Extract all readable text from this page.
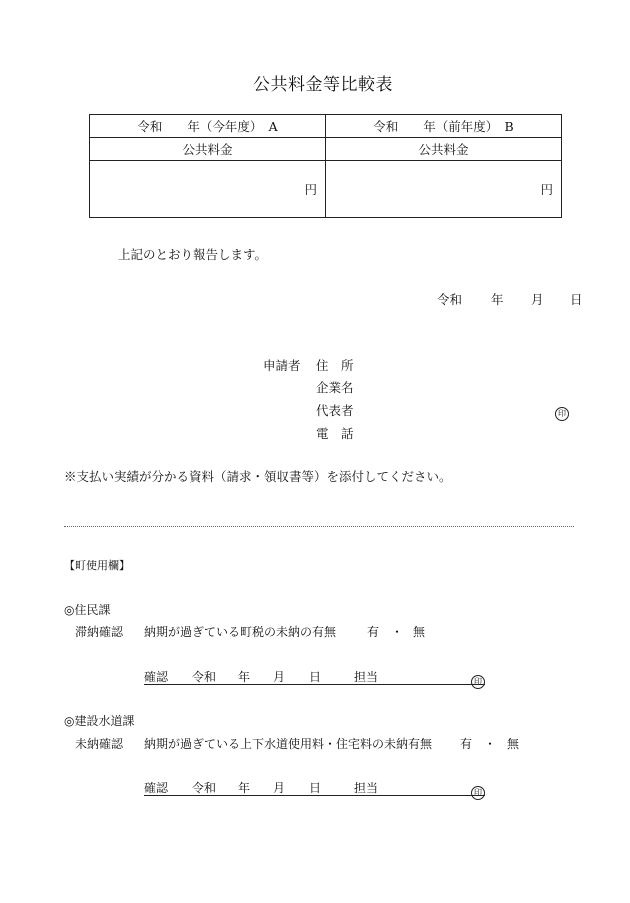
公共料金等比較表
令和　　年（今年度）　A	令和　　年（前年度）　B
公共料金	公共料金
円	円
上記のとおり報告します。
令和 年 月 日
申請者 住　所
企業名
代表者	印
電　話
※支払い実績が分かる資料（請求・領収書等）を添付してください。
【町使用欄】
◎住民課
滞納確認 納期が過ぎている町税の未納の有無	有 ・ 無
確認 令和 年 月 日	担当	印
◎建設水道課
未納確認 納期が過ぎている上下水道使用料・住宅料の未納有無 有 ・ 無
確認 令和 年 月 日	担当	印
